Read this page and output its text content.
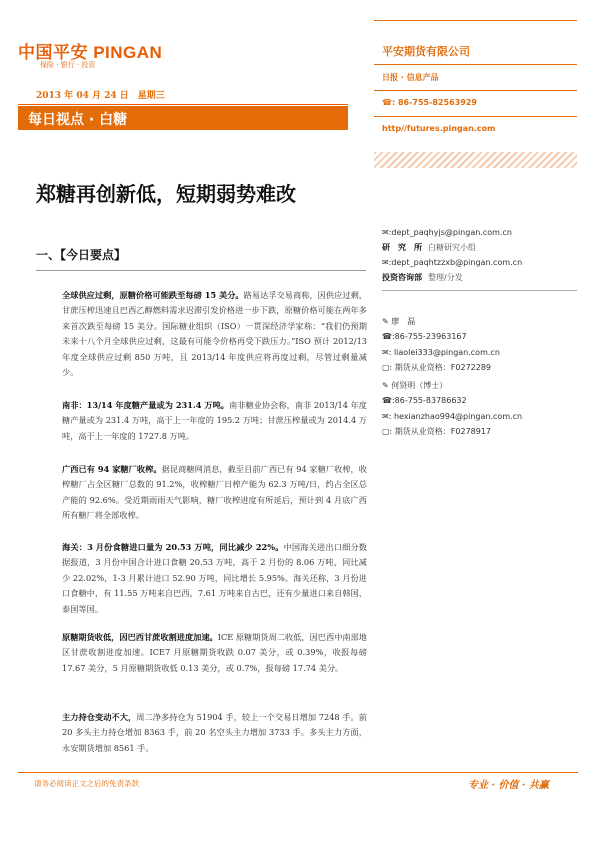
中国平安 PINGAN
保险 · 银行 · 投资
2013 年 04 月 24 日　星期三
每日视点 · 白糖
平安期货有限公司
日报 · 信息产品
☎: 86-755-82563929
http//futures.pingan.com
郑糖再创新低，短期弱势难改
一、【今日要点】
全球供应过剩，原糖价格可能跌至每磅 15 美分。路易达孚交易商称，因供应过剩，甘蔗压榨迅速且巴西乙醇燃料需求迟滞引发价格进一步下跌，原糖价格可能在两年多来首次跌至每磅 15 美分。国际糖业组织（ISO）一贯深经济学家称：“我们仍预期未来十八个月全球供应过剩，这最有可能令价格再受下跌压力。”ISO 预计 2012/13 年度全球供应过剩 850 万吨，且 2013/14 年度供应将再度过剩，尽管过剩量减少。
南非：13/14 年度糖产量或为 231.4 万吨。南非糖业协会称，南非 2013/14 年度糖产量或为 231.4 万吨，高于上一年度的 195.2 万吨；甘蔗压榨量或为 2014.4 万吨，高于上一年度的 1727.8 万吨。
广西已有 94 家糖厂收榨。据昆商糖网消息，截至目前广西已有 94 家糖厂收榨，收榨糖厂占全区糖厂总数的 91.2%，收榨糖厂日榨产能为 62.3 万吨/日，约占全区总产能的 92.6%。受近期雨雨天气影响，糖厂收榨进度有所延后，预计到 4 月底广西所有糖厂将全部收榨。
海关：3 月份食糖进口量为 20.53 万吨，同比减少 22%。中国海关进出口细分数据报道，3 月份中国合计进口食糖 20.53 万吨，高于 2 月份的 8.06 万吨，同比减少 22.02%，1-3 月累计进口 52.90 万吨，同比增长 5.95%。海关还称，3 月份进口食糖中，有 11.55 万吨来自巴西，7.61 万吨来自古巴，还有少量进口来自韩国、泰国等国。
原糖期货收低，因巴西甘蔗收割进度加速。ICE 原糖期货周二收低，因巴西中南部地区甘蔗收割进度加速。ICE7 月原糖期货收跌 0.07 美分，或 0.39%，收报每磅 17.67 美分，5 月原糖期货收低 0.13 美分，或 0.7%，报每磅 17.74 美分。
主力持仓变动不大，周二净多持仓为 51904 手，较上一个交易日增加 7248 手。前 20 多头主力持仓增加 8363 手，前 20 名空头主力增加 3733 手。多头主力方面，永安期货增加 8561 手。
✉:dept_paqhyjs@pingan.com.cn
研　究　所 白糖研究小组
✉:dept_paqhtzzxb@pingan.com.cn
投资咨询部 整理/分发
✎ 廖　磊
☎:86-755-23963167
✉: liaolei333@pingan.com.cn
▢: 期货从业资格：F0272289
✎ 何贤明（博士）
☎:86-755-83786632
✉: hexianzhao994@pingan.com.cn
▢: 期货从业资格：F0278917
请务必阅读正文之后的免责条款	专业 · 价值 · 共赢
